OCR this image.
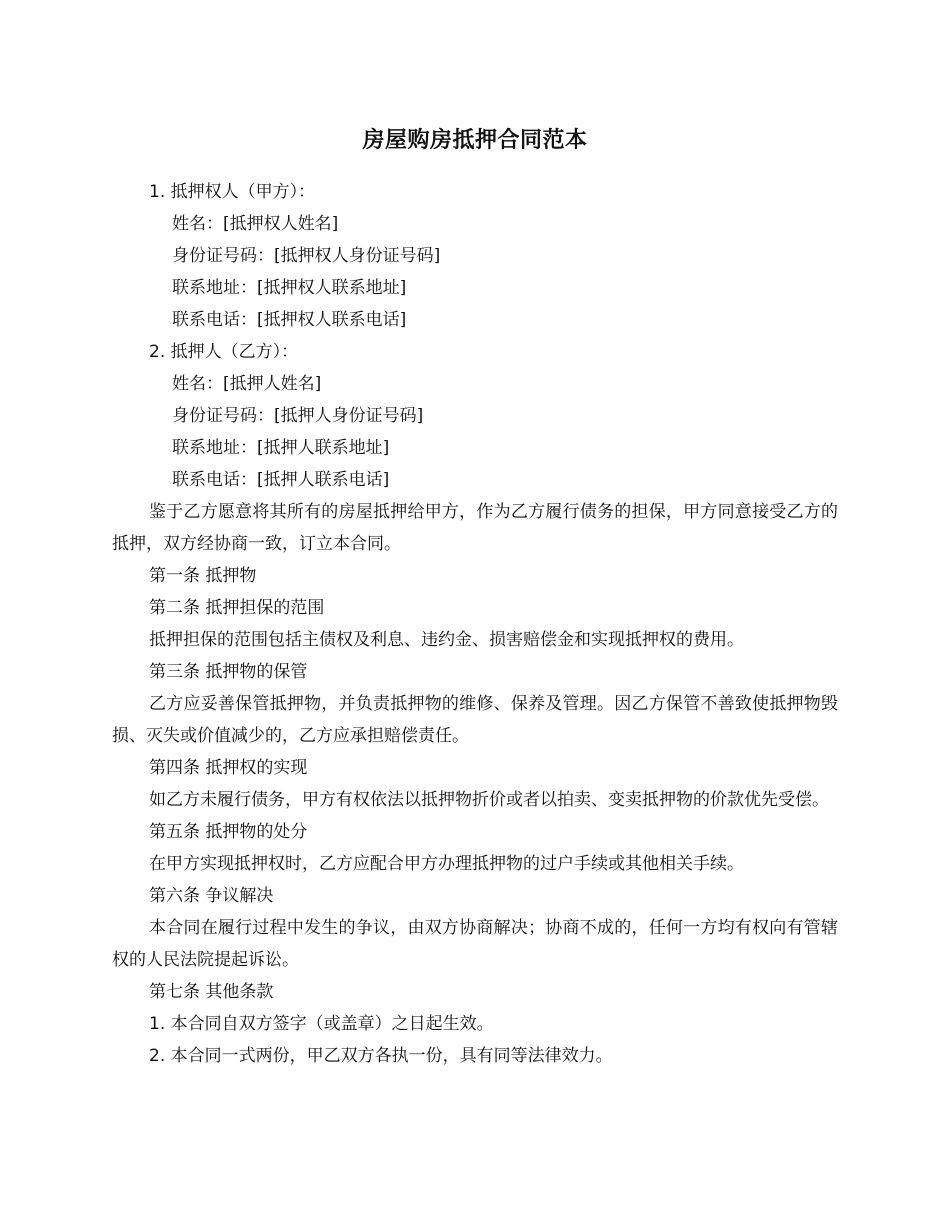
房屋购房抵押合同范本
1. 抵押权人（甲方）：
姓名：[抵押权人姓名]
身份证号码：[抵押权人身份证号码]
联系地址：[抵押权人联系地址]
联系电话：[抵押权人联系电话]
2. 抵押人（乙方）：
姓名：[抵押人姓名]
身份证号码：[抵押人身份证号码]
联系地址：[抵押人联系地址]
联系电话：[抵押人联系电话]
鉴于乙方愿意将其所有的房屋抵押给甲方，作为乙方履行债务的担保，甲方同意接受乙方的抵押，双方经协商一致，订立本合同。
第一条 抵押物
第二条 抵押担保的范围
抵押担保的范围包括主债权及利息、违约金、损害赔偿金和实现抵押权的费用。
第三条 抵押物的保管
乙方应妥善保管抵押物，并负责抵押物的维修、保养及管理。因乙方保管不善致使抵押物毁损、灭失或价值减少的，乙方应承担赔偿责任。
第四条 抵押权的实现
如乙方未履行债务，甲方有权依法以抵押物折价或者以拍卖、变卖抵押物的价款优先受偿。
第五条 抵押物的处分
在甲方实现抵押权时，乙方应配合甲方办理抵押物的过户手续或其他相关手续。
第六条 争议解决
本合同在履行过程中发生的争议，由双方协商解决；协商不成的，任何一方均有权向有管辖权的人民法院提起诉讼。
第七条 其他条款
1. 本合同自双方签字（或盖章）之日起生效。
2. 本合同一式两份，甲乙双方各执一份，具有同等法律效力。
